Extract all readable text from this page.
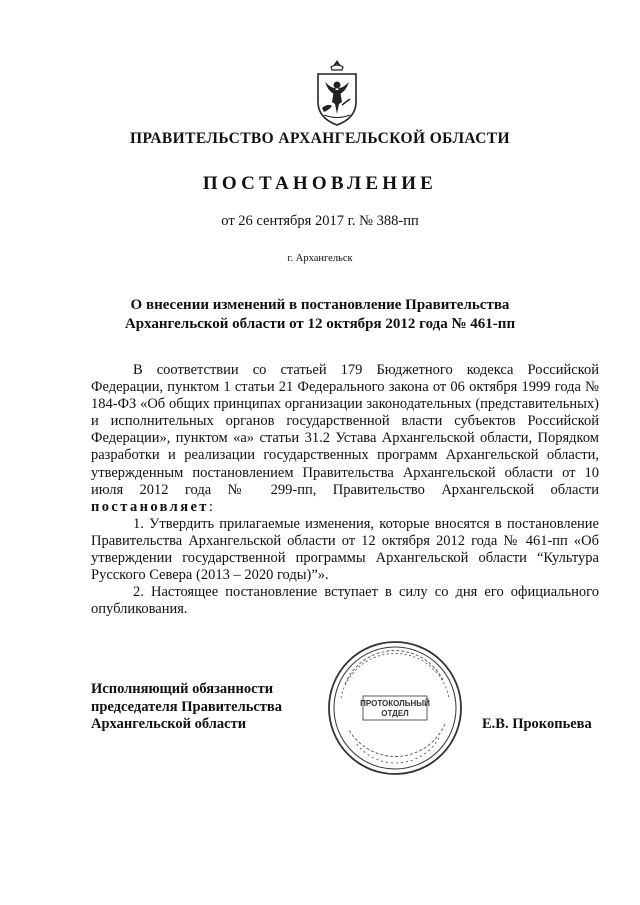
ПРАВИТЕЛЬСТВО АРХАНГЕЛЬСКОЙ ОБЛАСТИ
ПОСТАНОВЛЕНИЕ
от 26 сентября 2017 г. № 388-пп
г. Архангельск
О внесении изменений в постановление Правительства
Архангельской области от 12 октября 2012 года № 461-пп

В соответствии со статьей 179 Бюджетного кодекса Российской Федерации, пунктом 1 статьи 21 Федерального закона от 06 октября 1999 года № 184-ФЗ «Об общих принципах организации законодательных (представительных) и исполнительных органов государственной власти субъектов Российской Федерации», пунктом «а» статьи 31.2 Устава Архангельской области, Порядком разработки и реализации государственных программ Архангельской области, утвержденным постановлением Правительства Архангельской области от 10 июля 2012 года № 299-пп, Правительство Архангельской области постановляет:

1. Утвердить прилагаемые изменения, которые вносятся в постановление Правительства Архангельской области от 12 октября 2012 года № 461-пп «Об утверждении государственной программы Архангельской области “Культура Русского Севера (2013 – 2020 годы)”».

2. Настоящее постановление вступает в силу со дня его официального опубликования.

Исполняющий обязанности
председателя Правительства
Архангельской области	Е.В. Прокопьева
ПРОТОКОЛЬНЫЙ
ОТДЕЛ
